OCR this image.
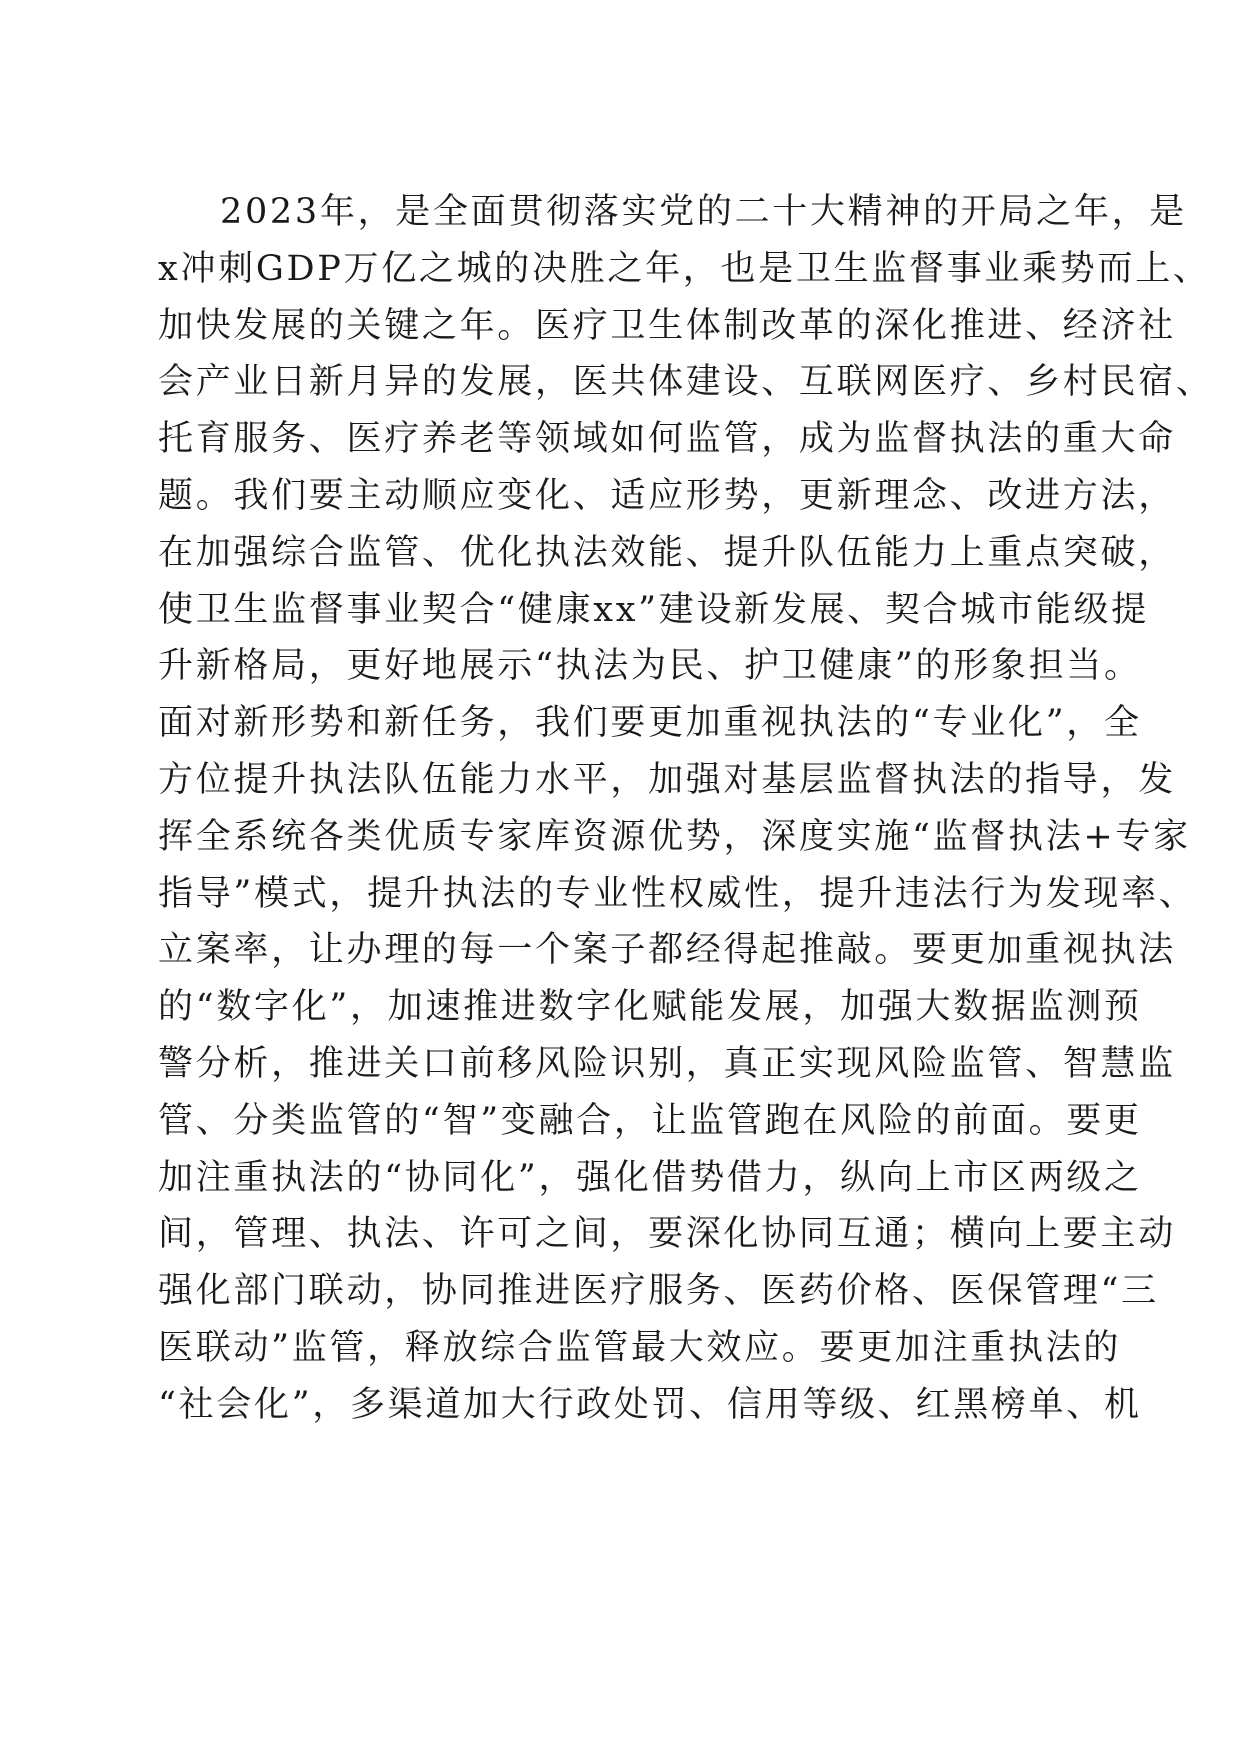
2023年，是全面贯彻落实党的二十大精神的开局之年，是
x冲刺GDP万亿之城的决胜之年，也是卫生监督事业乘势而上、
加快发展的关键之年。医疗卫生体制改革的深化推进、经济社
会产业日新月异的发展，医共体建设、互联网医疗、乡村民宿、
托育服务、医疗养老等领域如何监管，成为监督执法的重大命
题。我们要主动顺应变化、适应形势，更新理念、改进方法，
在加强综合监管、优化执法效能、提升队伍能力上重点突破，
使卫生监督事业契合“健康xx”建设新发展、契合城市能级提
升新格局，更好地展示“执法为民、护卫健康”的形象担当。
面对新形势和新任务，我们要更加重视执法的“专业化”，全
方位提升执法队伍能力水平，加强对基层监督执法的指导，发
挥全系统各类优质专家库资源优势，深度实施“监督执法+专家
指导”模式，提升执法的专业性权威性，提升违法行为发现率、
立案率，让办理的每一个案子都经得起推敲。要更加重视执法
的“数字化”，加速推进数字化赋能发展，加强大数据监测预
警分析，推进关口前移风险识别，真正实现风险监管、智慧监
管、分类监管的“智”变融合，让监管跑在风险的前面。要更
加注重执法的“协同化”，强化借势借力，纵向上市区两级之
间，管理、执法、许可之间，要深化协同互通；横向上要主动
强化部门联动，协同推进医疗服务、医药价格、医保管理“三
医联动”监管，释放综合监管最大效应。要更加注重执法的
“社会化”，多渠道加大行政处罚、信用等级、红黑榜单、机
